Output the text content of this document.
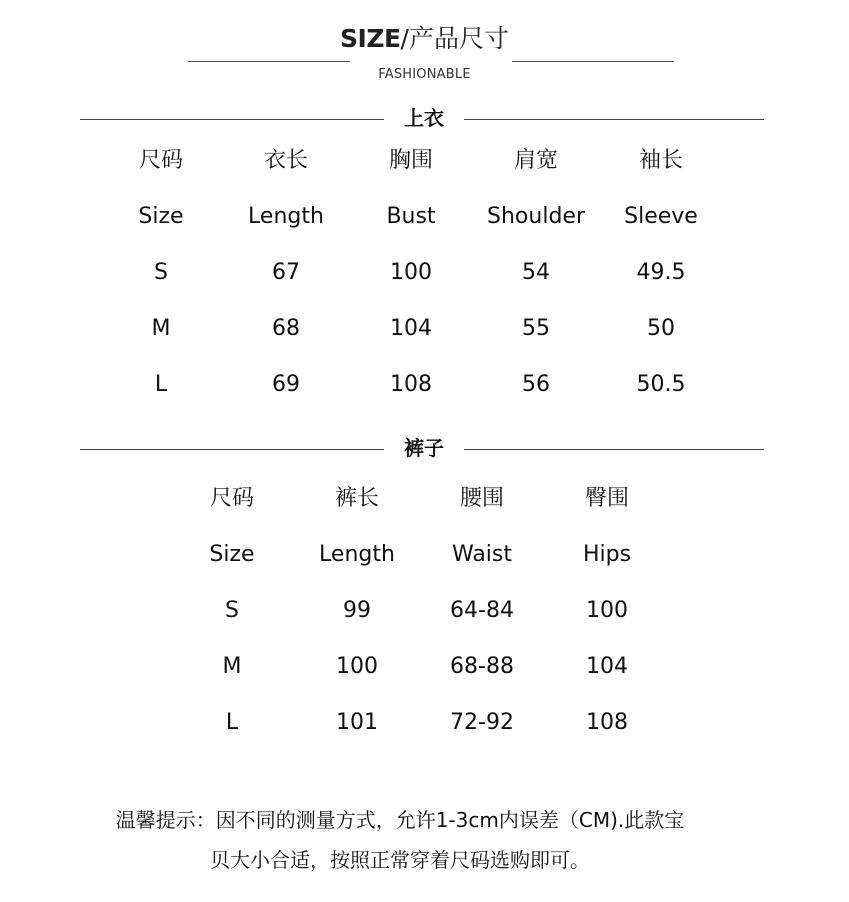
SIZE/产品尺寸
FASHIONABLE
上衣
尺码	衣长	胸围	肩宽	袖长
Size	Length	Bust	Shoulder	Sleeve
S	67	100	54	49.5
M	68	104	55	50
L	69	108	56	50.5
裤子
尺码	裤长	腰围	臀围
Size	Length	Waist	Hips
S	99	64-84	100
M	100	68-88	104
L	101	72-92	108
温馨提示：因不同的测量方式，允许1-3cm内误差（CM).此款宝
贝大小合适，按照正常穿着尺码选购即可。
